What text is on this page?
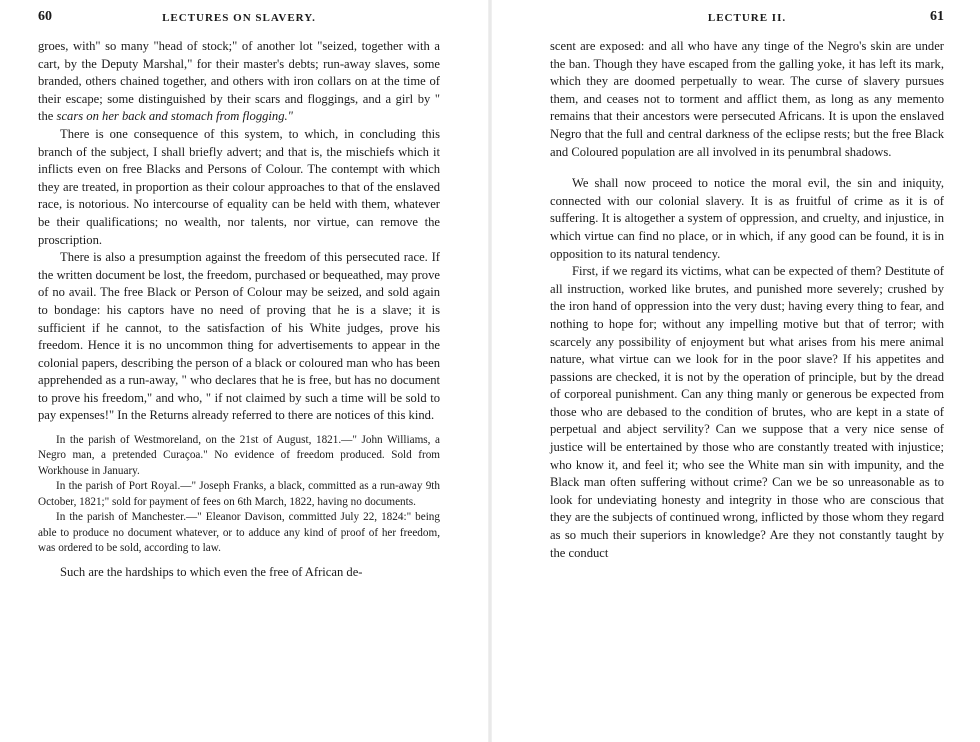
60	LECTURES ON SLAVERY.

groes, with" so many "head of stock;" of another lot "seized, together with a cart, by the Deputy Marshal," for their master's debts; run-away slaves, some branded, others chained together, and others with iron collars on at the time of their escape; some distinguished by their scars and floggings, and a girl by " the scars on her back and stomach from flogging."

There is one consequence of this system, to which, in concluding this branch of the subject, I shall briefly advert; and that is, the mischiefs which it inflicts even on free Blacks and Persons of Colour. The contempt with which they are treated, in proportion as their colour approaches to that of the enslaved race, is notorious. No intercourse of equality can be held with them, whatever be their qualifications; no wealth, nor talents, nor virtue, can remove the proscription.

There is also a presumption against the freedom of this persecuted race. If the written document be lost, the freedom, purchased or bequeathed, may prove of no avail. The free Black or Person of Colour may be seized, and sold again to bondage: his captors have no need of proving that he is a slave; it is sufficient if he cannot, to the satisfaction of his White judges, prove his freedom. Hence it is no uncommon thing for advertisements to appear in the colonial papers, describing the person of a black or coloured man who has been apprehended as a run-away, " who declares that he is free, but has no document to prove his freedom," and who, " if not claimed by such a time will be sold to pay expenses!" In the Returns already referred to there are notices of this kind.

In the parish of Westmoreland, on the 21st of August, 1821.—" John Williams, a Negro man, a pretended Curaçoa." No evidence of freedom produced. Sold from Workhouse in January.

In the parish of Port Royal.—" Joseph Franks, a black, committed as a run-away 9th October, 1821;" sold for payment of fees on 6th March, 1822, having no documents.

In the parish of Manchester.—" Eleanor Davison, committed July 22, 1824:" being able to produce no document whatever, or to adduce any kind of proof of her freedom, was ordered to be sold, according to law.

Such are the hardships to which even the free of African de-

LECTURE II.	61

scent are exposed: and all who have any tinge of the Negro's skin are under the ban. Though they have escaped from the galling yoke, it has left its mark, which they are doomed perpetually to wear. The curse of slavery pursues them, and ceases not to torment and afflict them, as long as any memento remains that their ancestors were persecuted Africans. It is upon the enslaved Negro that the full and central darkness of the eclipse rests; but the free Black and Coloured population are all involved in its penumbral shadows.

We shall now proceed to notice the moral evil, the sin and iniquity, connected with our colonial slavery. It is as fruitful of crime as it is of suffering. It is altogether a system of oppression, and cruelty, and injustice, in which virtue can find no place, or in which, if any good can be found, it is in opposition to its natural tendency.

First, if we regard its victims, what can be expected of them? Destitute of all instruction, worked like brutes, and punished more severely; crushed by the iron hand of oppression into the very dust; having every thing to fear, and nothing to hope for; without any impelling motive but that of terror; with scarcely any possibility of enjoyment but what arises from his mere animal nature, what virtue can we look for in the poor slave? If his appetites and passions are checked, it is not by the operation of principle, but by the dread of corporeal punishment. Can any thing manly or generous be expected from those who are debased to the condition of brutes, who are kept in a state of perpetual and abject servility? Can we suppose that a very nice sense of justice will be entertained by those who are constantly treated with injustice; who know it, and feel it; who see the White man sin with impunity, and the Black man often suffering without crime? Can we be so unreasonable as to look for undeviating honesty and integrity in those who are conscious that they are the subjects of continued wrong, inflicted by those whom they regard as so much their superiors in knowledge? Are they not constantly taught by the conduct
